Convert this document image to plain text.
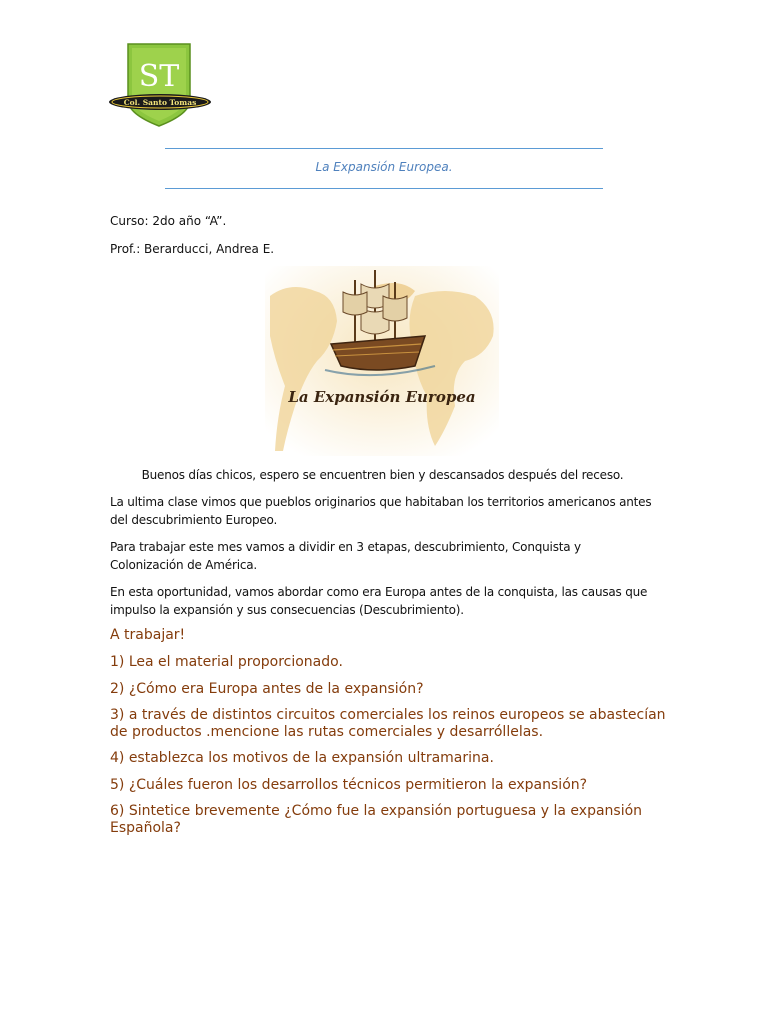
ST
Col. Santo Tomas
La Expansión Europea.
Curso: 2do año “A”.
Prof.: Berarducci, Andrea E.
La Expansión Europea
Buenos días chicos, espero se encuentren bien y descansados después del receso.
La ultima clase vimos que pueblos originarios que habitaban los territorios americanos antes del descubrimiento Europeo.
Para trabajar este mes vamos a dividir en 3 etapas, descubrimiento, Conquista y Colonización de América.
En esta oportunidad, vamos abordar como era Europa antes de la conquista, las causas que impulso la expansión y sus consecuencias (Descubrimiento).
A trabajar!
1) Lea el material proporcionado.
2) ¿Cómo era Europa antes de la expansión?
3) a través de distintos circuitos comerciales los reinos europeos se abastecían de productos .mencione las rutas comerciales y desarróllelas.
4) establezca los motivos de la expansión ultramarina.
5) ¿Cuáles fueron los desarrollos técnicos permitieron la expansión?
6) Sintetice brevemente ¿Cómo fue la expansión portuguesa y la expansión Española?
